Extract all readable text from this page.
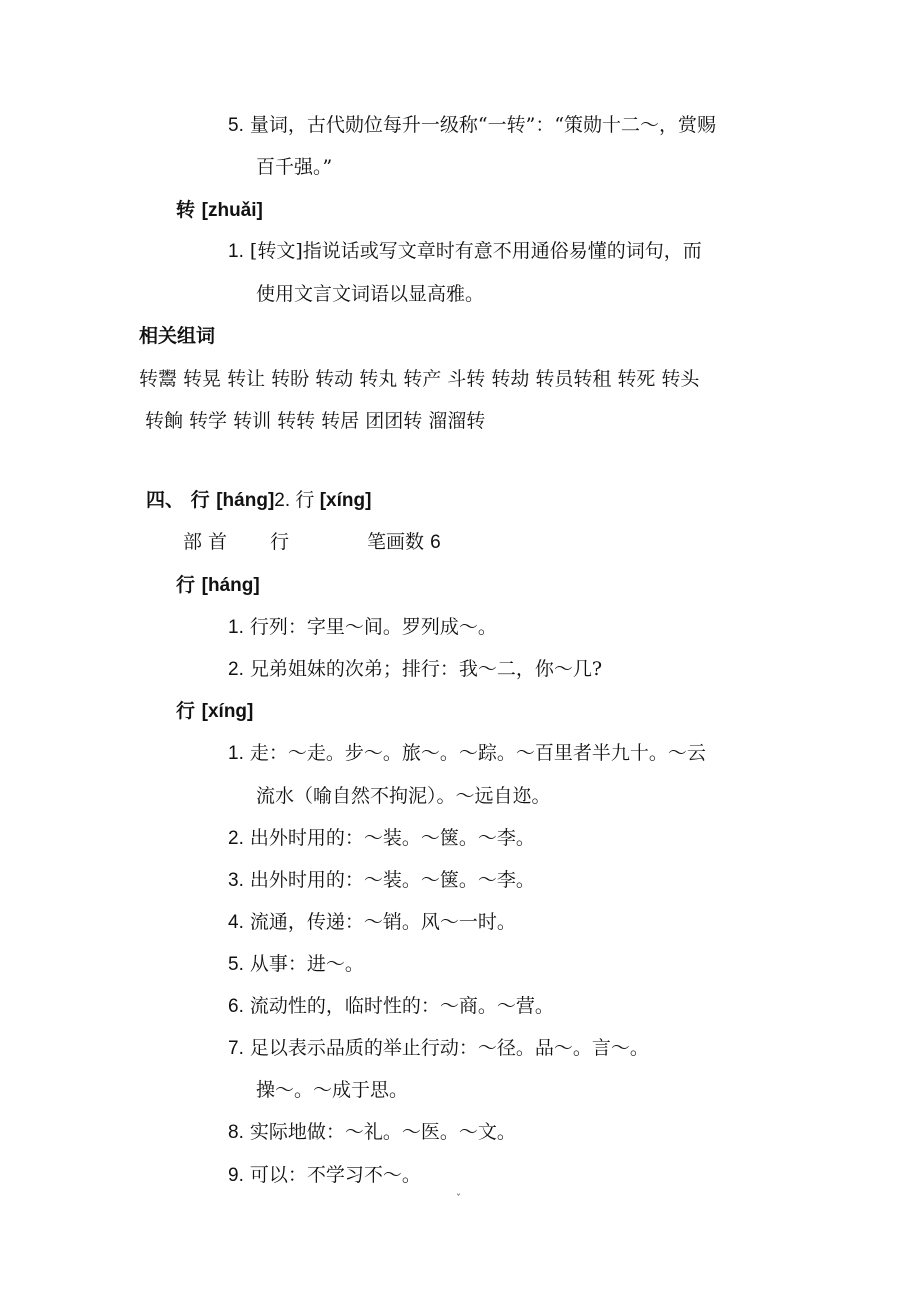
5. 量词，古代勋位每升一级称“一转”：“策勋十二～，赏赐
百千强。”
转 [zhuǎi]
1. [转文]指说话或写文章时有意不用通俗易懂的词句，而
使用文言文词语以显高雅。
相关组词
转鬻 转晃 转让 转盼 转动 转丸 转产 斗转 转劫 转员转租 转死 转头
转餉 转学 转训 转转 转居 团团转 溜溜转
四、 行 [háng]2. 行 [xíng]
部 首 行	笔画数 6
行 [háng]
1. 行列：字里～间。罗列成～。
2. 兄弟姐妹的次弟；排行：我～二，你～几?
行 [xíng]
1. 走：～走。步～。旅～。～踪。～百里者半九十。～云
流水（喻自然不拘泥）。～远自迩。
2. 出外时用的：～装。～箧。～李。
3. 出外时用的：～装。～箧。～李。
4. 流通，传递：～销。风～一时。
5. 从事：进～。
6. 流动性的，临时性的：～商。～营。
7. 足以表示品质的举止行动：～径。品～。言～。
操～。～成于思。
8. 实际地做：～礼。～医。～文。
9. 可以：不学习不～。
ˇ
